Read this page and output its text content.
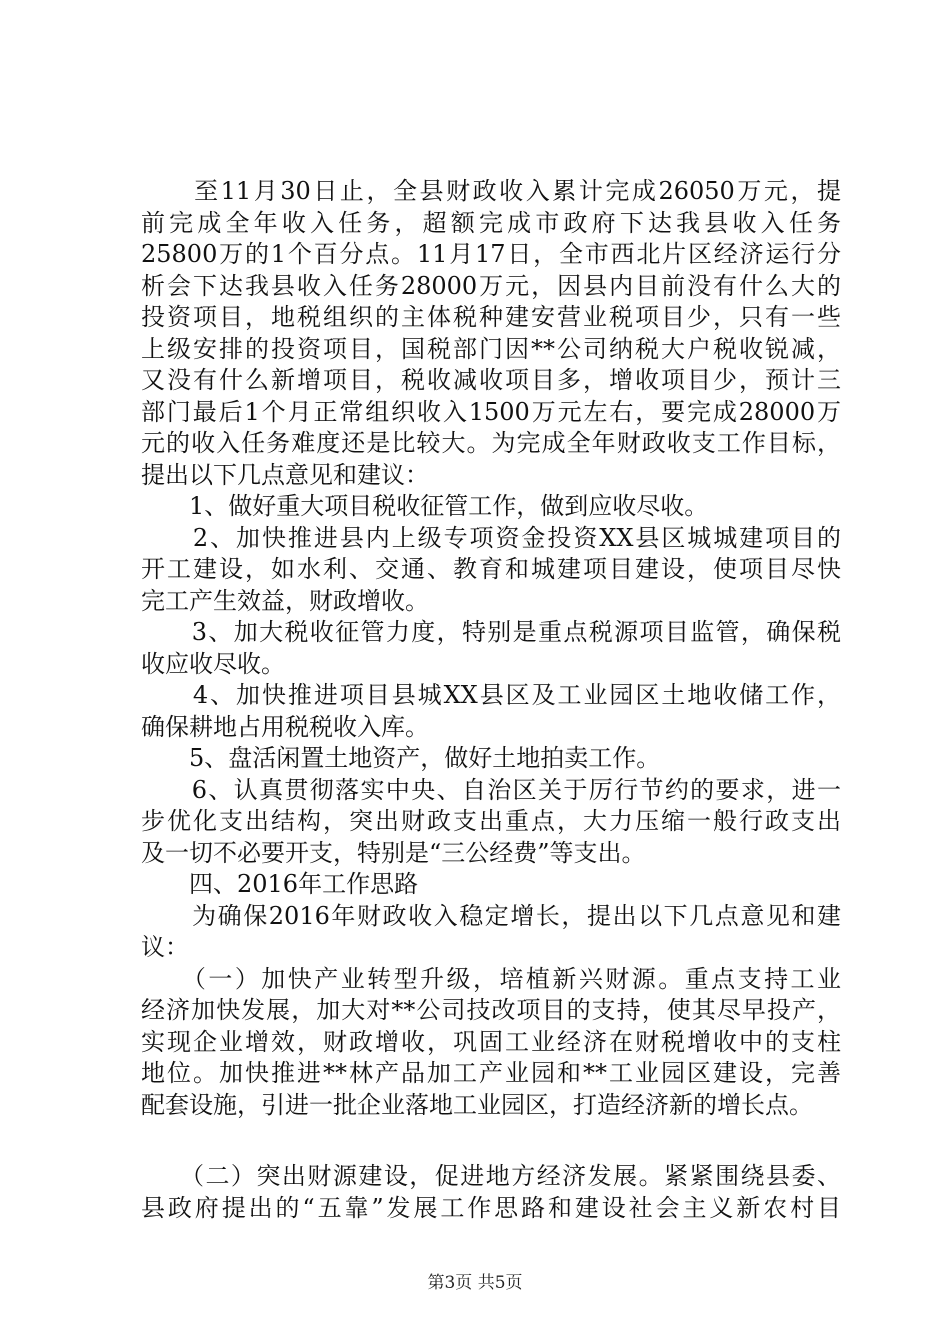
　　至11月30日止，全县财政收入累计完成26050万元，提
前完成全年收入任务，超额完成市政府下达我县收入任务
25800万的1个百分点。11月17日，全市西北片区经济运行分
析会下达我县收入任务28000万元，因县内目前没有什么大的
投资项目，地税组织的主体税种建安营业税项目少，只有一些
上级安排的投资项目，国税部门因**公司纳税大户税收锐减，
又没有什么新增项目，税收减收项目多，增收项目少，预计三
部门最后1个月正常组织收入1500万元左右，要完成28000万
元的收入任务难度还是比较大。为完成全年财政收支工作目标，
提出以下几点意见和建议：
　　1、做好重大项目税收征管工作，做到应收尽收。
　　2、加快推进县内上级专项资金投资XX县区城城建项目的
开工建设，如水利、交通、教育和城建项目建设，使项目尽快
完工产生效益，财政增收。
　　3、加大税收征管力度，特别是重点税源项目监管，确保税
收应收尽收。
　　4、加快推进项目县城XX县区及工业园区土地收储工作，
确保耕地占用税税收入库。
　　5、盘活闲置土地资产，做好土地拍卖工作。
　　6、认真贯彻落实中央、自治区关于厉行节约的要求，进一
步优化支出结构，突出财政支出重点，大力压缩一般行政支出
及一切不必要开支，特别是“三公经费”等支出。
　　四、2016年工作思路
　　为确保2016年财政收入稳定增长，提出以下几点意见和建
议：
　　（一）加快产业转型升级，培植新兴财源。重点支持工业
经济加快发展，加大对**公司技改项目的支持，使其尽早投产，
实现企业增效，财政增收，巩固工业经济在财税增收中的支柱
地位。加快推进**林产品加工产业园和**工业园区建设，完善
配套设施，引进一批企业落地工业园区，打造经济新的增长点。
　　（二）突出财源建设，促进地方经济发展。紧紧围绕县委、
县政府提出的“五靠”发展工作思路和建设社会主义新农村目
第3页 共5页
